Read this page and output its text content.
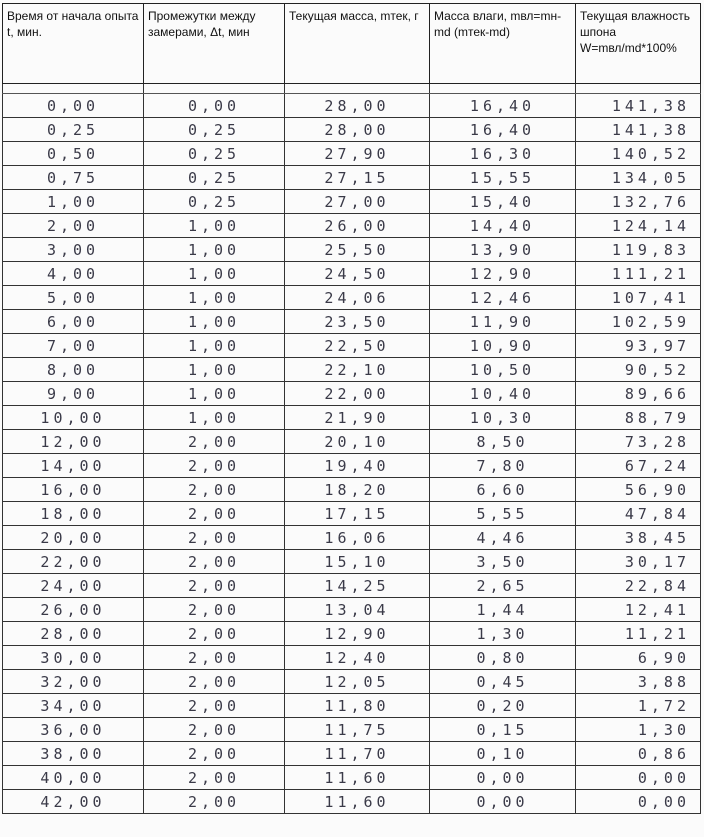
Время от начала опыта t, мин.	Промежутки между замерами, Δt, мин	Текущая масса, mтек, г	Масса влаги, mвл=mн-md (mтек-md)	Текущая влажность шпона W=mвл/md*100%

0,00	0,00	28,00	16,40	141,38
0,25	0,25	28,00	16,40	141,38
0,50	0,25	27,90	16,30	140,52
0,75	0,25	27,15	15,55	134,05
1,00	0,25	27,00	15,40	132,76
2,00	1,00	26,00	14,40	124,14
3,00	1,00	25,50	13,90	119,83
4,00	1,00	24,50	12,90	111,21
5,00	1,00	24,06	12,46	107,41
6,00	1,00	23,50	11,90	102,59
7,00	1,00	22,50	10,90	93,97
8,00	1,00	22,10	10,50	90,52
9,00	1,00	22,00	10,40	89,66
10,00	1,00	21,90	10,30	88,79
12,00	2,00	20,10	8,50	73,28
14,00	2,00	19,40	7,80	67,24
16,00	2,00	18,20	6,60	56,90
18,00	2,00	17,15	5,55	47,84
20,00	2,00	16,06	4,46	38,45
22,00	2,00	15,10	3,50	30,17
24,00	2,00	14,25	2,65	22,84
26,00	2,00	13,04	1,44	12,41
28,00	2,00	12,90	1,30	11,21
30,00	2,00	12,40	0,80	6,90
32,00	2,00	12,05	0,45	3,88
34,00	2,00	11,80	0,20	1,72
36,00	2,00	11,75	0,15	1,30
38,00	2,00	11,70	0,10	0,86
40,00	2,00	11,60	0,00	0,00
42,00	2,00	11,60	0,00	0,00
